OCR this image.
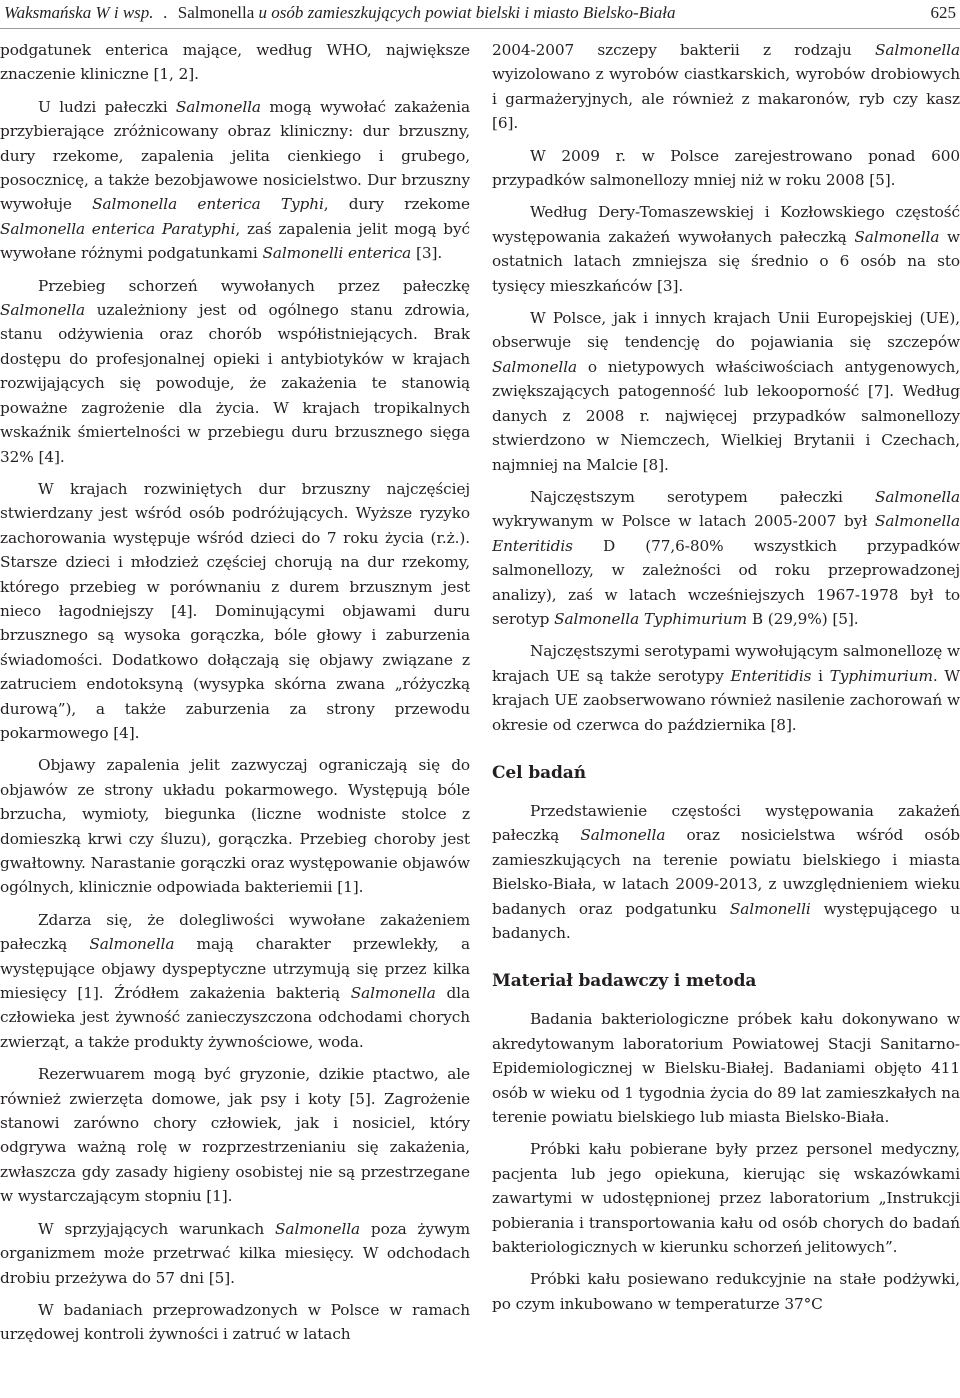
Waksmańska W i wsp. . Salmonella u osób zamieszkujących powiat bielski i miasto Bielsko-Biała	625

podgatunek enterica mające, według WHO, największe znaczenie kliniczne [1, 2].

U ludzi pałeczki Salmonella mogą wywołać zakażenia przybierające zróżnicowany obraz kliniczny: dur brzuszny, dury rzekome, zapalenia jelita cienkiego i grubego, posocznicę, a także bezobjawowe nosicielstwo. Dur brzuszny wywołuje Salmonella enterica Typhi, dury rzekome Salmonella enterica Paratyphi, zaś zapalenia jelit mogą być wywołane różnymi podgatunkami Salmonelli enterica [3].

Przebieg schorzeń wywołanych przez pałeczkę Salmonella uzależniony jest od ogólnego stanu zdrowia, stanu odżywienia oraz chorób współistniejących. Brak dostępu do profesjonalnej opieki i antybiotyków w krajach rozwijających się powoduje, że zakażenia te stanowią poważne zagrożenie dla życia. W krajach tropikalnych wskaźnik śmiertelności w przebiegu duru brzusznego sięga 32% [4].

W krajach rozwiniętych dur brzuszny najczęściej stwierdzany jest wśród osób podróżujących. Wyższe ryzyko zachorowania występuje wśród dzieci do 7 roku życia (r.ż.). Starsze dzieci i młodzież częściej chorują na dur rzekomy, którego przebieg w porównaniu z durem brzusznym jest nieco łagodniejszy [4]. Dominującymi objawami duru brzusznego są wysoka gorączka, bóle głowy i zaburzenia świadomości. Dodatkowo dołączają się objawy związane z zatruciem endotoksyną (wysypka skórna zwana „różyczką durową”), a także zaburzenia za strony przewodu pokarmowego [4].

Objawy zapalenia jelit zazwyczaj ograniczają się do objawów ze strony układu pokarmowego. Występują bóle brzucha, wymioty, biegunka (liczne wodniste stolce z domieszką krwi czy śluzu), gorączka. Przebieg choroby jest gwałtowny. Narastanie gorączki oraz występowanie objawów ogólnych, klinicznie odpowiada bakteriemii [1].

Zdarza się, że dolegliwości wywołane zakażeniem pałeczką Salmonella mają charakter przewlekły, a występujące objawy dyspeptyczne utrzymują się przez kilka miesięcy [1]. Źródłem zakażenia bakterią Salmonella dla człowieka jest żywność zanieczyszczona odchodami chorych zwierząt, a także produkty żywnościowe, woda.

Rezerwuarem mogą być gryzonie, dzikie ptactwo, ale również zwierzęta domowe, jak psy i koty [5]. Zagrożenie stanowi zarówno chory człowiek, jak i nosiciel, który odgrywa ważną rolę w rozprzestrzenianiu się zakażenia, zwłaszcza gdy zasady higieny osobistej nie są przestrzegane w wystarczającym stopniu [1].

W sprzyjających warunkach Salmonella poza żywym organizmem może przetrwać kilka miesięcy. W odchodach drobiu przeżywa do 57 dni [5].

W badaniach przeprowadzonych w Polsce w ramach urzędowej kontroli żywności i zatruć w latach

2004-2007 szczepy bakterii z rodzaju Salmonella wyizolowano z wyrobów ciastkarskich, wyrobów drobiowych i garmażeryjnych, ale również z makaronów, ryb czy kasz [6].

W 2009 r. w Polsce zarejestrowano ponad 600 przypadków salmonellozy mniej niż w roku 2008 [5].

Według Dery-Tomaszewskiej i Kozłowskiego częstość występowania zakażeń wywołanych pałeczką Salmonella w ostatnich latach zmniejsza się średnio o 6 osób na sto tysięcy mieszkańców [3].

W Polsce, jak i innych krajach Unii Europejskiej (UE), obserwuje się tendencję do pojawiania się szczepów Salmonella o nietypowych właściwościach antygenowych, zwiększających patogenność lub lekooporność [7]. Według danych z 2008 r. najwięcej przypadków salmonellozy stwierdzono w Niemczech, Wielkiej Brytanii i Czechach, najmniej na Malcie [8].

Najczęstszym serotypem pałeczki Salmonella wykrywanym w Polsce w latach 2005-2007 był Salmonella Enteritidis D (77,6-80% wszystkich przypadków salmonellozy, w zależności od roku przeprowadzonej analizy), zaś w latach wcześniejszych 1967-1978 był to serotyp Salmonella Typhimurium B (29,9%) [5].

Najczęstszymi serotypami wywołującym salmonellozę w krajach UE są także serotypy Enteritidis i Typhimurium. W krajach UE zaobserwowano również nasilenie zachorowań w okresie od czerwca do października [8].

Cel badań

Przedstawienie częstości występowania zakażeń pałeczką Salmonella oraz nosicielstwa wśród osób zamieszkujących na terenie powiatu bielskiego i miasta Bielsko-Biała, w latach 2009-2013, z uwzględnieniem wieku badanych oraz podgatunku Salmonelli występującego u badanych.

Materiał badawczy i metoda

Badania bakteriologiczne próbek kału dokonywano w akredytowanym laboratorium Powiatowej Stacji Sanitarno-Epidemiologicznej w Bielsku-Białej. Badaniami objęto 411 osób w wieku od 1 tygodnia życia do 89 lat zamieszkałych na terenie powiatu bielskiego lub miasta Bielsko-Biała.

Próbki kału pobierane były przez personel medyczny, pacjenta lub jego opiekuna, kierując się wskazówkami zawartymi w udostępnionej przez laboratorium „Instrukcji pobierania i transportowania kału od osób chorych do badań bakteriologicznych w kierunku schorzeń jelitowych”.

Próbki kału posiewano redukcyjnie na stałe podżywki, po czym inkubowano w temperaturze 37°C
